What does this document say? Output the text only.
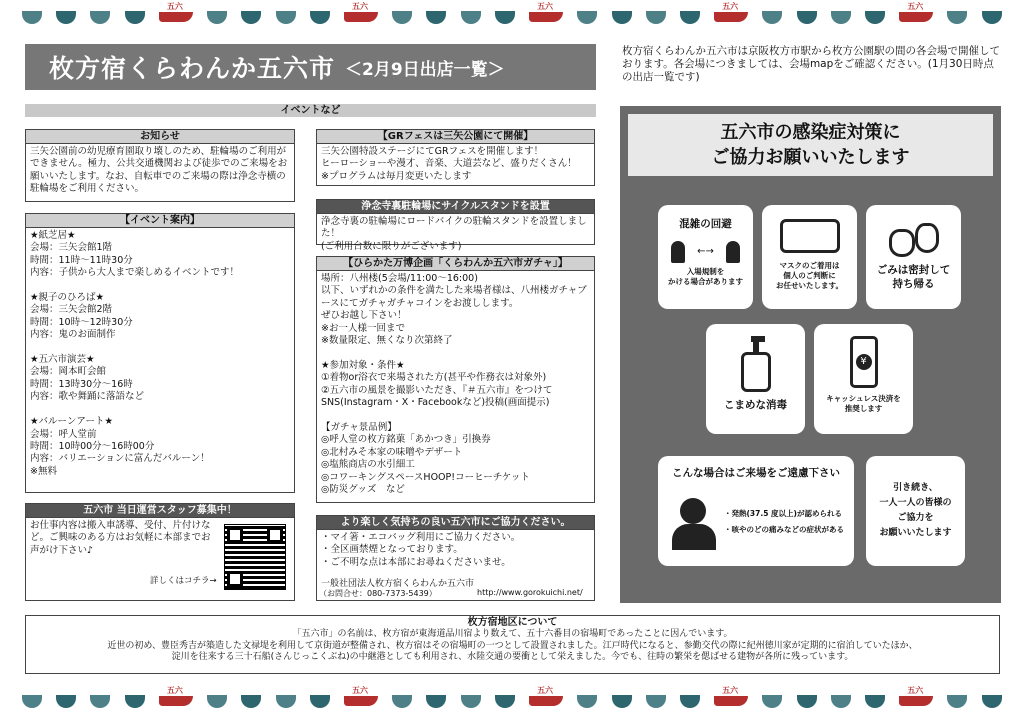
五六	五六	五六	五六	五六
枚方宿くらわんか五六市 ＜2月9日出店一覧＞
枚方宿くらわんか五六市は京阪枚方市駅から枚方公園駅の間の各会場で開催しております。各会場につきましては、会場mapをご確認ください。(1月30日時点の出店一覧です)
イベントなど
お知らせ
三矢公園前の幼児療育園取り壊しのため、駐輪場のご利用ができません。極力、公共交通機関および徒歩でのご来場をお願いいたします。なお、自転車でのご来場の際は浄念寺横の駐輪場をご利用ください。
【イベント案内】
★紙芝居★
会場：三矢会館1階
時間：11時～11時30分
内容：子供から大人まで楽しめるイベントです！

★親子のひろば★
会場：三矢会館2階
時間：10時～12時30分
内容：鬼のお面制作

★五六市演芸★
会場：岡本町会館
時間：13時30分～16時
内容：歌や舞踊に落語など

★バルーンアート★
会場：呼人堂前
時間：10時00分～16時00分
内容：バリエーションに富んだバルーン！
※無料
五六市 当日運営スタッフ募集中！
お仕事内容は搬入車誘導、受付、片付けなど。ご興味のある方はお気軽に本部までお声がけ下さい♪
詳しくはコチラ→
【GRフェスは三矢公園にて開催】
三矢公園特設ステージにてGRフェスを開催します！
ヒーローショーや漫才、音楽、大道芸など、盛りだくさん！
※プログラムは毎月変更いたします
浄念寺裏駐輪場にサイクルスタンドを設置
浄念寺裏の駐輪場にロードバイクの駐輪スタンドを設置しました！
(ご利用台数に限りがございます)
【ひらかた万博企画「くらわんか五六市ガチャ」】
場所：八州楼(5会場/11:00～16:00)
以下、いずれかの条件を満たした来場者様は、八州楼ガチャブースにてガチャガチャコインをお渡しします。
ぜひお越し下さい！
※お一人様一回まで
※数量限定、無くなり次第終了

★参加対象・条件★
①着物or浴衣で来場された方(甚平や作務衣は対象外)
②五六市の風景を撮影いただき、『＃五六市』をつけてSNS(Instagram・X・Facebookなど)投稿(画面提示)

【ガチャ景品例】
◎呼人堂の枚方銘菓「あかつき」引換券
◎北村みそ本家の味噌やデザート
◎塩熊商店の水引細工
◎コワーキングスペースHOOP!コーヒーチケット
◎防災グッズ　など
より楽しく気持ちの良い五六市にご協力ください。
・マイ箸・エコバッグ利用にご協力ください。
・全区画禁煙となっております。
・ご不明な点は本部にお尋ねくださいませ。
一般社団法人枚方宿くらわんか五六市
（お問合せ：080-7373-5439）	http://www.gorokuichi.net/
五六市の感染症対策に
ご協力お願いいたします
混雑の回避
←→
入場規制を
かける場合があります
マスクのご着用は
個人のご判断に
お任せいたします。
ごみは密封して
持ち帰る
こまめな消毒
¥
キャッシュレス決済を
推奨します
こんな場合はご来場をご遠慮下さい
・発熱(37.5 度以上)が認められる
・咳やのどの痛みなどの症状がある
引き続き、
一人一人の皆様の
ご協力を
お願いいたします
枚方宿地区について
「五六市」の名前は、枚方宿が東海道品川宿より数えて、五十六番目の宿場町であったことに因んでいます。
近世の初め、豊臣秀吉が築造した文禄堤を利用して京街道が整備され、枚方宿はその宿場町の一つとして設置されました。江戸時代になると、参勤交代の際に紀州徳川家が定期的に宿泊していたほか、
淀川を往来する三十石船(さんじっこくぶね)の中継港としても利用され、水陸交通の要衝として栄えました。今でも、往時の繁栄を偲ばせる建物が各所に残っています。
五六	五六	五六	五六	五六
